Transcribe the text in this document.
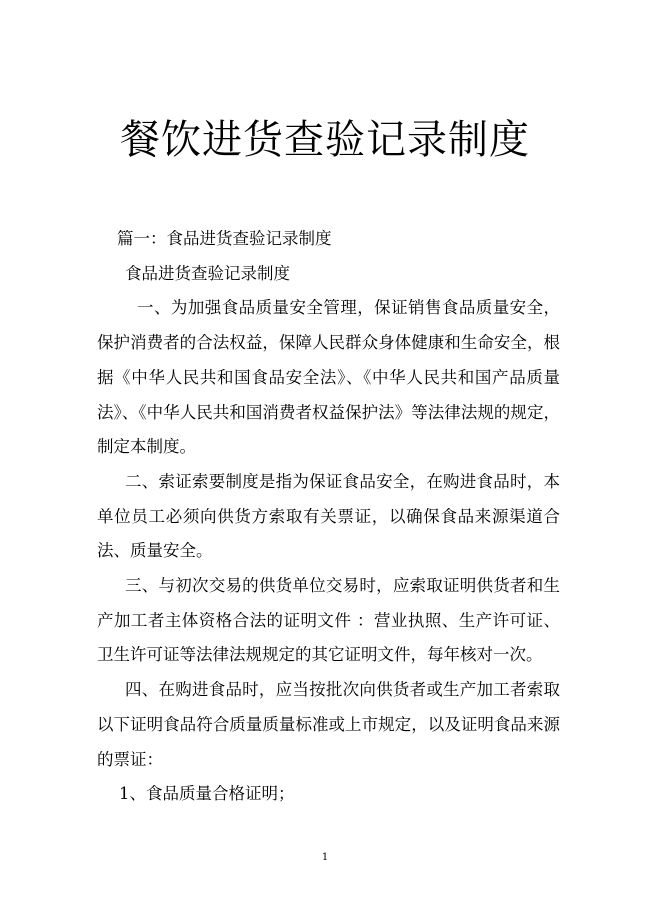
餐饮进货查验记录制度

篇一：食品进货查验记录制度

食品进货查验记录制度

一、为加强食品质量安全管理，保证销售食品质量安全，保护消费者的合法权益，保障人民群众身体健康和生命安全，根据《中华人民共和国食品安全法》、《中华人民共和国产品质量法》、《中华人民共和国消费者权益保护法》等法律法规的规定，制定本制度。

二、索证索要制度是指为保证食品安全，在购进食品时，本单位员工必须向供货方索取有关票证，以确保食品来源渠道合法、质量安全。

三、与初次交易的供货单位交易时，应索取证明供货者和生产加工者主体资格合法的证明文件 ：营业执照、生产许可证、卫生许可证等法律法规规定的其它证明文件，每年核对一次。

四、在购进食品时，应当按批次向供货者或生产加工者索取以下证明食品符合质量质量标准或上市规定，以及证明食品来源的票证：

1、食品质量合格证明；

1
